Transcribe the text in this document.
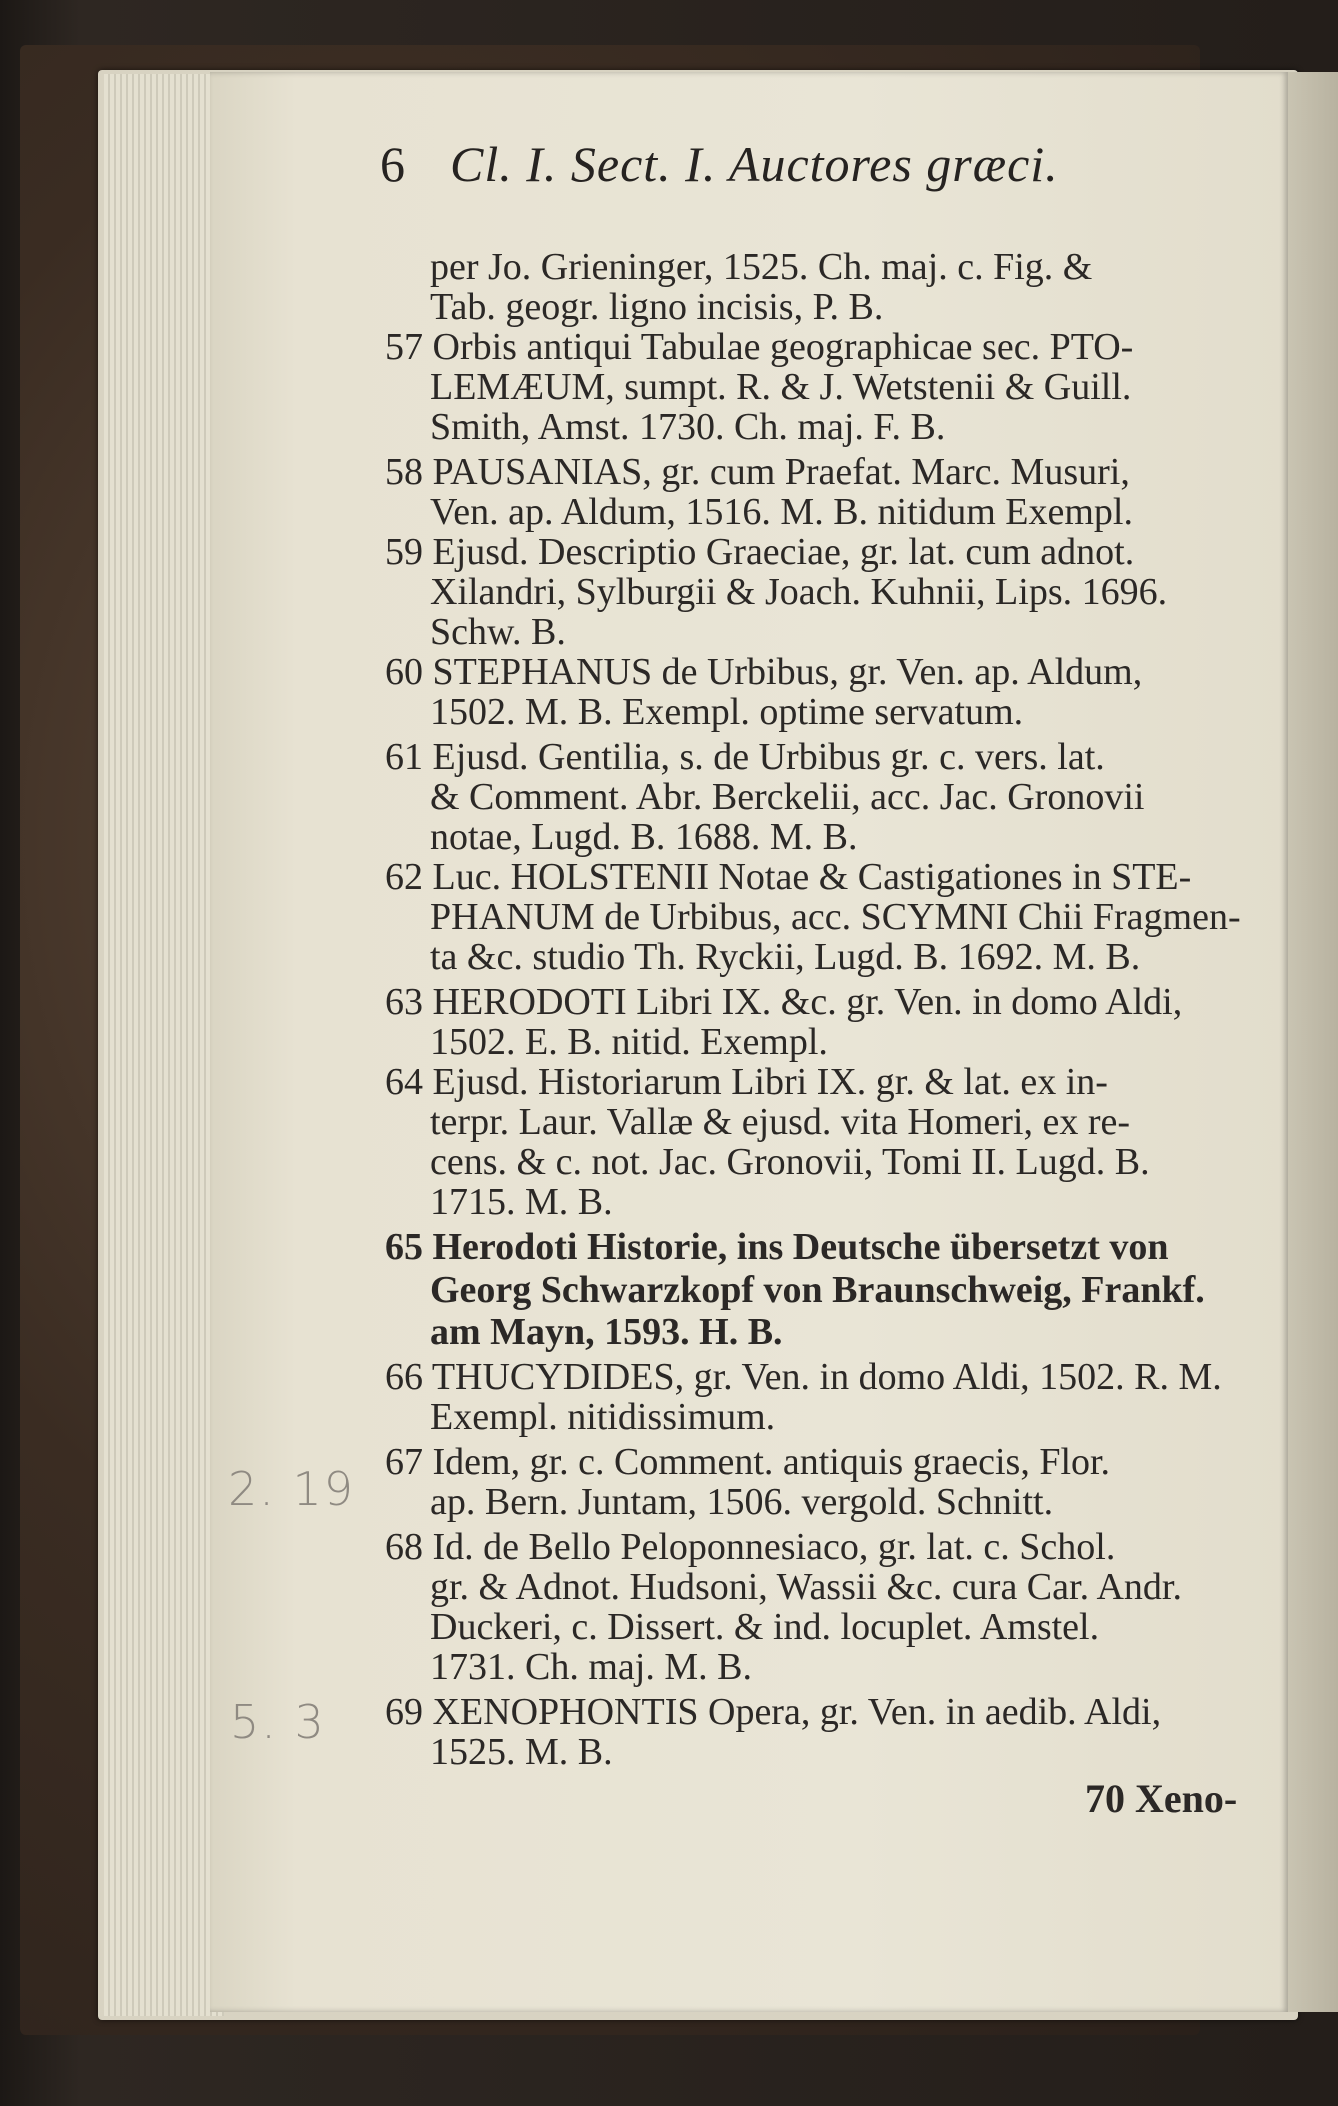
6 Cl. I. Sect. I. Auctores græci.
per Jo. Grieninger, 1525. Ch. maj. c. Fig. &
Tab. geogr. ligno incisis, P. B.
57 Orbis antiqui Tabulae geographicae sec. PTO-
LEMÆUM, sumpt. R. & J. Wetstenii & Guill.
Smith, Amst. 1730. Ch. maj. F. B.
58 PAUSANIAS, gr. cum Praefat. Marc. Musuri,
Ven. ap. Aldum, 1516. M. B. nitidum Exempl.
59 Ejusd. Descriptio Graeciae, gr. lat. cum adnot.
Xilandri, Sylburgii & Joach. Kuhnii, Lips. 1696.
Schw. B.
60 STEPHANUS de Urbibus, gr. Ven. ap. Aldum,
1502. M. B. Exempl. optime servatum.
61 Ejusd. Gentilia, s. de Urbibus gr. c. vers. lat.
& Comment. Abr. Berckelii, acc. Jac. Gronovii
notae, Lugd. B. 1688. M. B.
62 Luc. HOLSTENII Notae & Castigationes in STE-
PHANUM de Urbibus, acc. SCYMNI Chii Fragmen-
ta &c. studio Th. Ryckii, Lugd. B. 1692. M. B.
63 HERODOTI Libri IX. &c. gr. Ven. in domo Aldi,
1502. E. B. nitid. Exempl.
64 Ejusd. Historiarum Libri IX. gr. & lat. ex in-
terpr. Laur. Vallæ & ejusd. vita Homeri, ex re-
cens. & c. not. Jac. Gronovii, Tomi II. Lugd. B.
1715. M. B.
65 Herodoti Historie, ins Deutsche übersetzt von
Georg Schwarzkopf von Braunschweig, Frankf.
am Mayn, 1593. H. B.
66 THUCYDIDES, gr. Ven. in domo Aldi, 1502. R. M.
Exempl. nitidissimum.
67 Idem, gr. c. Comment. antiquis graecis, Flor.
ap. Bern. Juntam, 1506. vergold. Schnitt.
68 Id. de Bello Peloponnesiaco, gr. lat. c. Schol.
gr. & Adnot. Hudsoni, Wassii &c. cura Car. Andr.
Duckeri, c. Dissert. & ind. locuplet. Amstel.
1731. Ch. maj. M. B.
69 XENOPHONTIS Opera, gr. Ven. in aedib. Aldi,
1525. M. B.
70 Xeno-
2. 19
5. 3
